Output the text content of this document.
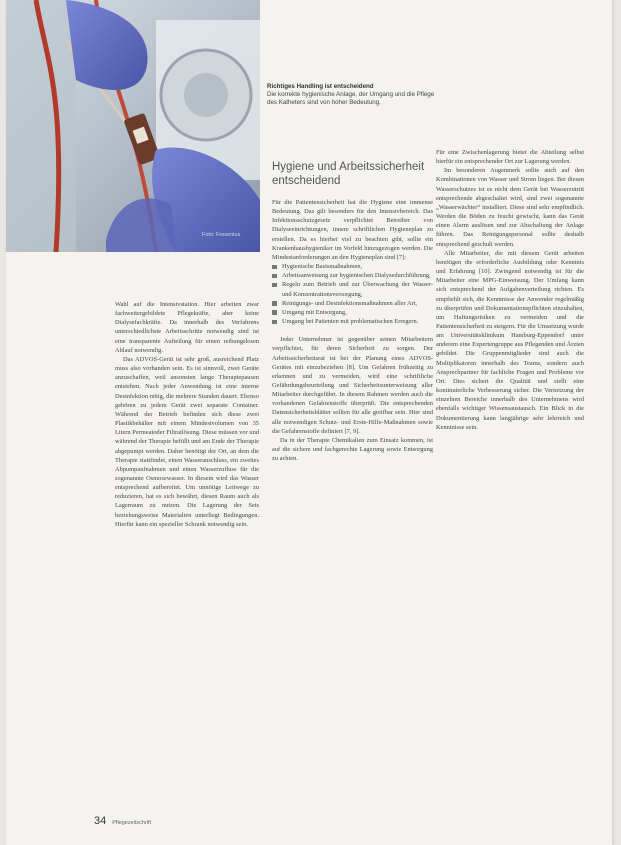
Foto: Fresenius
Richtiges Handling ist entscheidend
Die korrekte hygienische Anlage, der Umgang und die Pflege des Katheters sind von hoher Bedeutung.
Hygiene und Arbeitssicherheit entscheidend

Wahl auf die Intensivstation. Hier arbeiten zwar fachweitergebildete Pflegekräfte, aber keine Dialysefachkräfte. Da innerhalb des Verfahrens unterschiedlichste Arbeitsschritte notwendig sind ist eine transparente Aufteilung für einen reibungslosen Ablauf notwendig.

Das ADVOS-Gerät ist sehr groß, ausreichend Platz muss also vorhanden sein. Es ist sinnvoll, zwei Geräte anzuschaffen, weil ansonsten lange Therapiepausen entstehen. Nach jeder Anwendung ist eine interne Desinfektion nötig, die mehrere Stunden dauert. Ebenso gehören zu jedem Gerät zwei separate Container. Während der Betrieb befinden sich diese zwei Plastikbehälter mit einem Mindestvolumen von 35 Litern Permeatoder Filtratlösung. Diese müssen vor und während der Therapie befüllt und am Ende der Therapie abgepumpt werden. Daher benötigt der Ort, an dem die Therapie stattfindet, einen Wasseranschluss, ein zweites Abpumpaufnahmen und einen Wasserzufluss für die sogenannte Osmosewasser. In diesem wird das Wasser entsprechend aufbereitet. Um unnötige Leitwege zu reduzieren, hat es sich bewährt, diesen Raum auch als Lagerraum zu nutzen. Die Lagerung der Sets beziehungsweise Materialien unterliegt Bedingungen. Hierfür kann ein spezieller Schrank notwendig sein.

Für die Patientensicherheit hat die Hygiene eine immense Bedeutung. Das gilt besonders für den Intensivbereich. Das Infektionsschutzgesetz verpflichtet Betreiber von Dialyseeinrichtungen, innere schriftlichen Hygieneplan zu erstellen. Da es hierbei viel zu beachten gibt, sollte ein Krankenhaushygieniker im Vorfeld hinzugezogen werden. Die Mindestanforderungen an den Hygieneplan sind [7]:

Hygienische Basismaßnahmen,
Arbeitsanweisung zur hygienischen Dialysedurchführung,
Regeln zum Betrieb und zur Überwachung der Wasser- und Konzentrationsversorgung,
Reinigungs- und Desinfektionsmaßnahmen aller Art,
Umgang mit Entsorgung,
Umgang bei Patienten mit problematischen Erregern.

Jeder Unternehmer ist gegenüber seinen Mitarbeitern verpflichtet, für deren Sicherheit zu sorgen. Der Arbeitssicherheitsrat ist bei der Planung eines ADVOS-Gerätes mit einzubeziehen [8]. Um Gefahren frühzeitig zu erkennen und zu vermeiden, wird eine schriftliche Gefährdungsbeurteilung und Sicherheitsunterweisung aller Mitarbeiter durchgeführt. In diesem Rahmen werden auch die vorhandenen Gefahrenstoffe überprüft. Die entsprechenden Datensicherheitsblätter sollten für alle greifbar sein. Hier sind alle notwendigen Schutz- und Erste-Hilfe-Maßnahmen sowie die Gefahrenstoffe definiert [7, 9].

Da in der Therapie Chemikalien zum Einsatz kommen, ist auf die sichere und fachgerechte Lagerung sowie Entsorgung zu achten.

Für eine Zwischenlagerung bietet die Abteilung selbst hierfür ein entsprechender Ort zur Lagerung werden.

Im besonderen Augenmerk sollte auch auf den Kombinationen von Wasser und Strom liegen. Bei diesen Wasserschutzes ist es nicht dem Gerät bei Wasserzutritt entsprechende abgeschaltet wird, sind zwei sogenannte „Wasserwächter“ installiert. Diese sind sehr empfindlich. Werden die Böden zu feucht gewischt, kann das Gerät einen Alarm auslösen und zur Abschaltung der Anlage führen. Das Reinigungspersonal sollte deshalb entsprechend geschult werden.

Alle Mitarbeiter, die mit diesem Gerät arbeiten benötigen die erforderliche Ausbildung oder Kenntnis und Erfahrung [10]. Zwingend notwendig ist für die Mitarbeiter eine MPG-Einweisung. Der Umfang kann sich entsprechend der Aufgabenverteilung richten. Es empfiehlt sich, die Kenntnisse der Anwender regelmäßig zu überprüfen und Dokumentationspflichten einzuhalten, um Haftungsrisiken zu vermeiden und die Patientensicherheit zu steigern. Für die Umsetzung wurde am Universitätsklinikum Hamburg-Eppendorf unter anderem eine Expertengruppe aus Pflegenden und Ärzten gebildet. Die Gruppenmitglieder sind auch die Multiplikatoren innerhalb des Teams, sondern auch Ansprechpartner für fachliche Fragen und Probleme vor Ort. Dies sichert die Qualität und stellt eine kontinuierliche Verbesserung sicher. Die Vernetzung der einzelnen Bereiche innerhalb des Unternehmens wird ebenfalls wichtiger Wissensaustausch. Ein Blick in die Dokumentierung kann langjährige sehr lehrreich und Kenntnisse sein.

34 Pflegezeitschrift
